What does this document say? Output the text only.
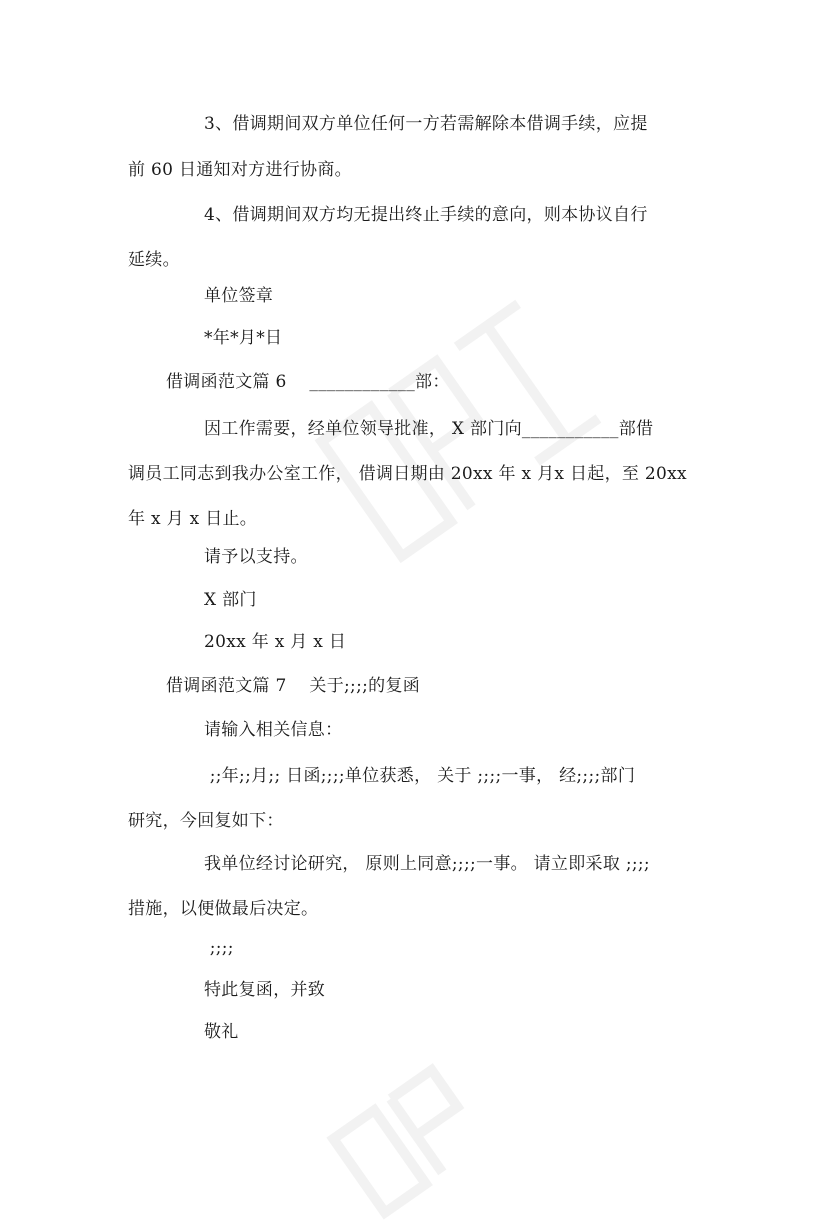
3、借调期间双方单位任何一方若需解除本借调手续，应提
前 60 日通知对方进行协商。
4、借调期间双方均无提出终止手续的意向，则本协议自行
延续。
单位签章
*年*月*日
借调函范文篇 6    ____________部：
因工作需要，经单位领导批准， X 部门向___________部借
调员工同志到我办公室工作， 借调日期由 20xx 年 x 月x 日起，至 20xx
年 x 月 x 日止。
请予以支持。
X 部门
20xx 年 x 月 x 日
借调函范文篇 7    关于;;;;的复函
请输入相关信息：
;;年;;月;; 日函;;;;单位获悉， 关于 ;;;;一事， 经;;;;部门
研究，今回复如下：
我单位经讨论研究， 原则上同意;;;;一事。 请立即采取 ;;;;
措施，以便做最后决定。
;;;;
特此复函，并致
敬礼
